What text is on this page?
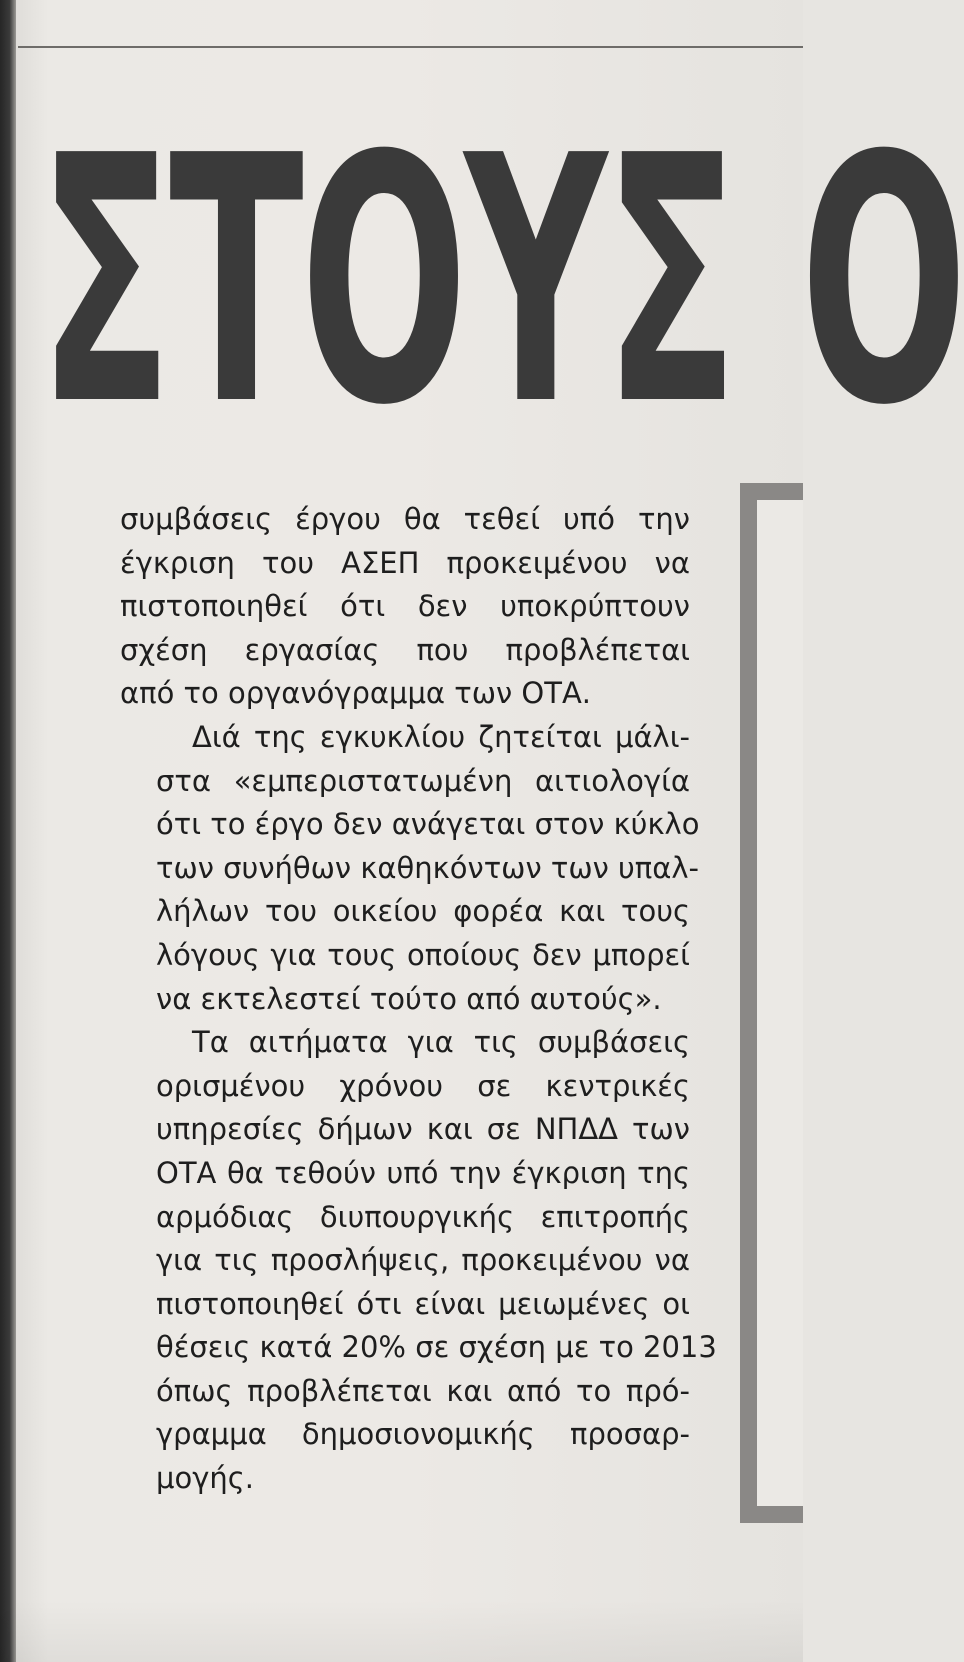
ΣΤΟΥΣ Ο

συμβάσεις έργου θα τεθεί υπό την
έγκριση του ΑΣΕΠ προκειμένου να
πιστοποιηθεί ότι δεν υποκρύπτουν
σχέση εργασίας που προβλέπεται
από το οργανόγραμμα των ΟΤΑ.

Διά της εγκυκλίου ζητείται μάλι-
στα «εμπεριστατωμένη αιτιολογία
ότι το έργο δεν ανάγεται στον κύκλο
των συνήθων καθηκόντων των υπαλ-
λήλων του οικείου φορέα και τους
λόγους για τους οποίους δεν μπορεί
να εκτελεστεί τούτο από αυτούς».

Τα αιτήματα για τις συμβάσεις
ορισμένου χρόνου σε κεντρικές
υπηρεσίες δήμων και σε ΝΠΔΔ των
ΟΤΑ θα τεθούν υπό την έγκριση της
αρμόδιας διυπουργικής επιτροπής
για τις προσλήψεις, προκειμένου να
πιστοποιηθεί ότι είναι μειωμένες οι
θέσεις κατά 20% σε σχέση με το 2013
όπως προβλέπεται και από το πρό-
γραμμα δημοσιονομικής προσαρ-
μογής.
